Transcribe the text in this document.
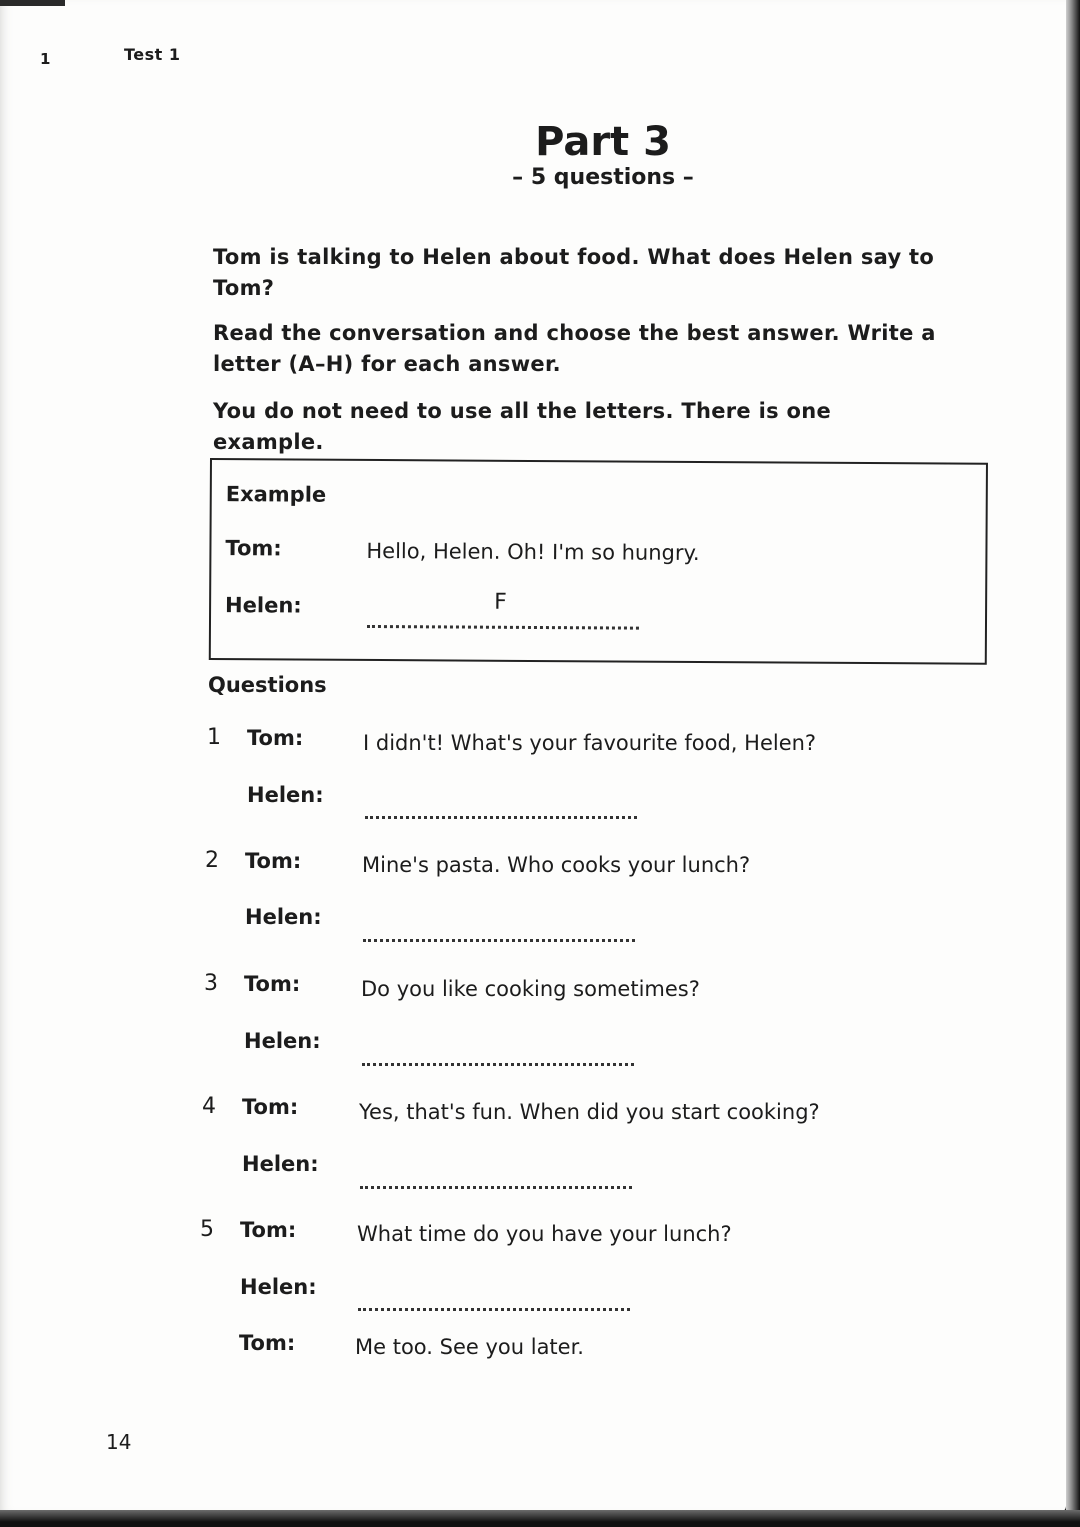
1	Test 1
Part 3
– 5 questions –
Tom is talking to Helen about food. What does Helen say to Tom?
Read the conversation and choose the best answer. Write a letter (A–H) for each answer.
You do not need to use all the letters. There is one example.
Example
Tom:	Hello, Helen. Oh! I'm so hungry.
Helen:	F
Questions
1 Tom:	I didn't! What's your favourite food, Helen?
Helen:
2 Tom:	Mine's pasta. Who cooks your lunch?
Helen:
3 Tom:	Do you like cooking sometimes?
Helen:
4 Tom:	Yes, that's fun. When did you start cooking?
Helen:
5 Tom:	What time do you have your lunch?
Helen:
Tom:	Me too. See you later.
14
